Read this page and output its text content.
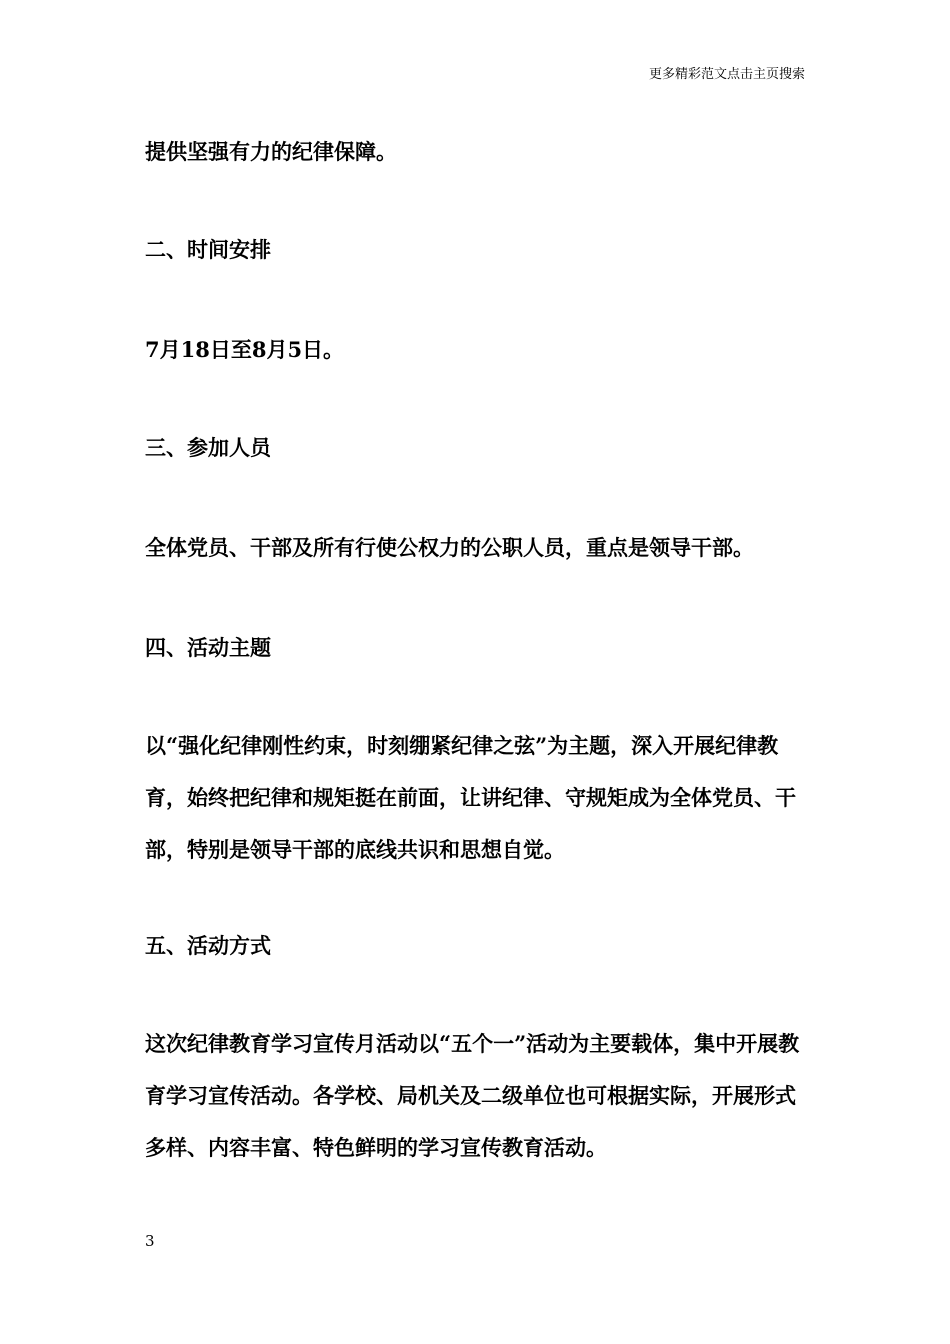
更多精彩范文点击主页搜索

提供坚强有力的纪律保障。

二、时间安排

7月18日至8月5日。

三、参加人员

全体党员、干部及所有行使公权力的公职人员，重点是领导干部。

四、活动主题

以“强化纪律刚性约束，时刻绷紧纪律之弦”为主题，深入开展纪律教育，始终把纪律和规矩挺在前面，让讲纪律、守规矩成为全体党员、干部，特别是领导干部的底线共识和思想自觉。

五、活动方式

这次纪律教育学习宣传月活动以“五个一”活动为主要载体，集中开展教育学习宣传活动。各学校、局机关及二级单位也可根据实际，开展形式多样、内容丰富、特色鲜明的学习宣传教育活动。

3
